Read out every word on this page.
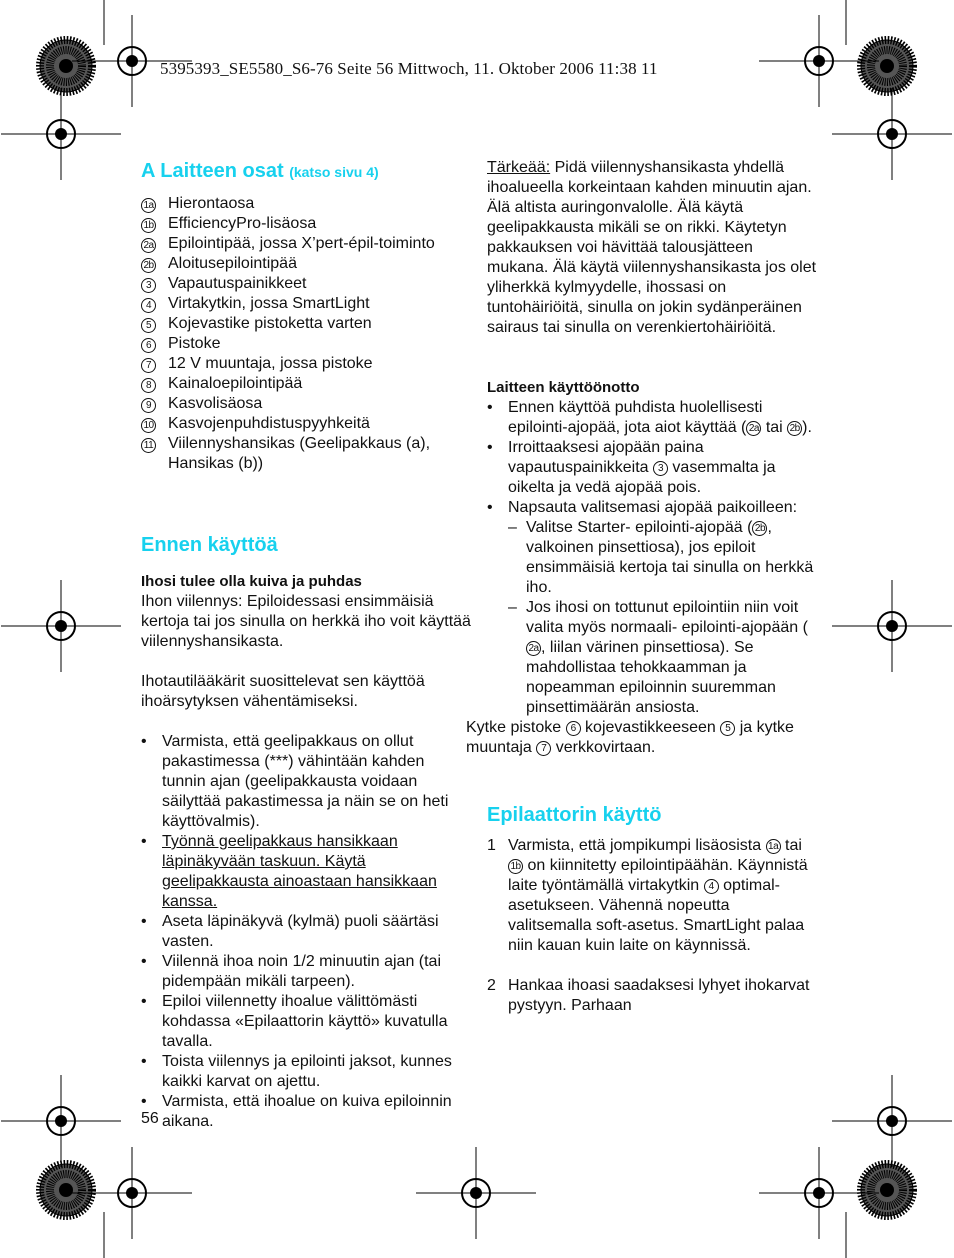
5395393_SE5580_S6-76 Seite 56 Mittwoch, 11. Oktober 2006 11:38 11
A Laitteen osat (katso sivu 4)
1a Hierontaosa
1b EfficiencyPro-lisäosa
2a Epilointipää, jossa X’pert-épil-toiminto
2b Aloitusepilointipää
3	Vapautuspainikkeet
4	Virtakytkin, jossa SmartLight
5	Kojevastike pistoketta varten
6	Pistoke
7	12 V muuntaja, jossa pistoke
8	Kainaloepilointipää
9	Kasvolisäosa
10 Kasvojenpuhdistuspyyhkeitä
11 Viilennyshansikas (Geelipakkaus (a), Hansikas (b))
Ennen käyttöä
Ihosi tulee olla kuiva ja puhdas
Ihon viilennys: Epiloidessasi ensimmäisiä kertoja tai jos sinulla on herkkä iho voit käyttää viilennyshansikasta.
Ihotautilääkärit suosittelevat sen käyttöä ihoärsytyksen vähentämiseksi.
• Varmista, että geelipakkaus on ollut pakastimessa (***) vähintään kahden tunnin ajan (geelipakkausta voidaan säilyttää pakastimessa ja näin se on heti käyttövalmis).
• Työnnä geelipakkaus hansikkaan läpinäkyvään taskuun. Käytä geelipakkausta ainoastaan hansikkaan kanssa.
• Aseta läpinäkyvä (kylmä) puoli säärtäsi vasten.
• Viilennä ihoa noin 1/2 minuutin ajan (tai pidempään mikäli tarpeen).
• Epiloi viilennetty ihoalue välittömästi kohdassa «Epilaattorin käyttö» kuvatulla tavalla.
• Toista viilennys ja epilointi jaksot, kunnes kaikki karvat on ajettu.
• Varmista, että ihoalue on kuiva epiloinnin aikana.
Tärkeää: Pidä viilennyshansikasta yhdellä ihoalueella korkeintaan kahden minuutin ajan. Älä altista auringonvalolle. Älä käytä geelipakkausta mikäli se on rikki. Käytetyn pakkauksen voi hävittää talousjätteen mukana. Älä käytä viilennyshansikasta jos olet yliherkkä kylmyydelle, ihossasi on tuntohäiriöitä, sinulla on jokin sydänperäinen sairaus tai sinulla on verenkiertohäiriöitä.
Laitteen käyttöönotto
• Ennen käyttöä puhdista huolellisesti epilointi-ajopää, jota aiot käyttää ( 2a tai 2b ).
• Irroittaaksesi ajopään paina vapautuspainikkeita 3 vasemmalta ja oikelta ja vedä ajopää pois.
• Napsauta valitsemasi ajopää paikoilleen:
– Valitse Starter- epilointi-ajopää ( 2b , valkoinen pinsettiosa), jos epiloit ensimmäisiä kertoja tai sinulla on herkkä iho.
– Jos ihosi on tottunut epilointiin niin voit valita myös normaali- epilointi-ajopään (2a , liilan värinen pinsettiosa). Se mahdollistaa tehokkaamman ja nopeamman epiloinnin suuremman pinsettimäärän ansiosta.
Kytke pistoke 6 kojevastikkeeseen 5 ja kytke muuntaja 7 verkkovirtaan.
Epilaattorin käyttö
1 Varmista, että jompikumpi lisäosista 1a tai 1b on kiinnitetty epilointipäähän. Käynnistä laite työntämällä virtakytkin 4 optimal-asetukseen. Vähennä nopeutta valitsemalla soft-asetus. SmartLight palaa niin kauan kuin laite on käynnissä.
2 Hankaa ihoasi saadaksesi lyhyet ihokarvat pystyyn. Parhaan
56
